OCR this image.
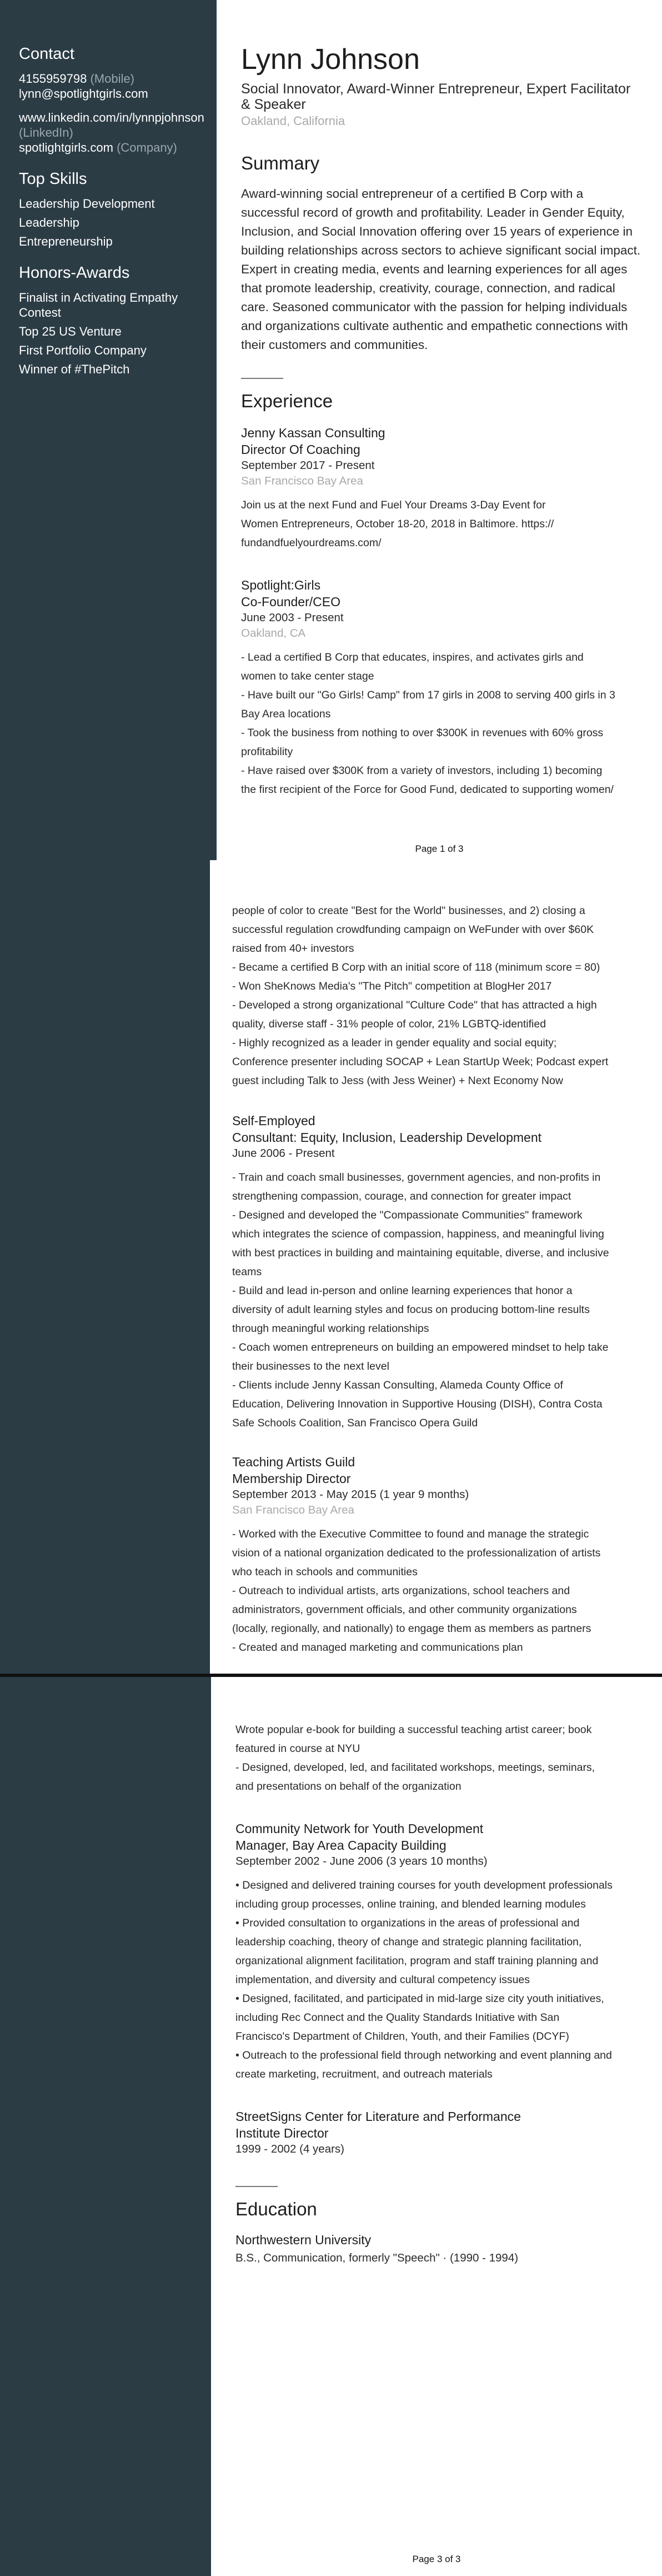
Contact
4155959798 (Mobile)
lynn@spotlightgirls.com
www.linkedin.com/in/lynnpjohnson
(LinkedIn)
spotlightgirls.com (Company)
Top Skills
Leadership Development
Leadership
Entrepreneurship
Honors-Awards
Finalist in Activating Empathy Contest
Top 25 US Venture
First Portfolio Company
Winner of #ThePitch
Lynn Johnson
Social Innovator, Award-Winner Entrepreneur, Expert Facilitator & Speaker
Oakland, California
Summary
Award-winning social entrepreneur of a certified B Corp with a successful record of growth and profitability. Leader in Gender Equity, Inclusion, and Social Innovation offering over 15 years of experience in building relationships across sectors to achieve significant social impact. Expert in creating media, events and learning experiences for all ages that promote leadership, creativity, courage, connection, and radical care. Seasoned communicator with the passion for helping individuals and organizations cultivate authentic and empathetic connections with their customers and communities.
Experience
Jenny Kassan Consulting
Director Of Coaching
September 2017 - Present
San Francisco Bay Area

Join us at the next Fund and Fuel Your Dreams 3-Day Event for

Women Entrepreneurs, October 18-20, 2018 in Baltimore. https://

fundandfuelyourdreams.com/

Spotlight:Girls
Co-Founder/CEO
June 2003 - Present
Oakland, CA

- Lead a certified B Corp that educates, inspires, and activates girls and

women to take center stage

- Have built our "Go Girls! Camp" from 17 girls in 2008 to serving 400 girls in 3

Bay Area locations

- Took the business from nothing to over $300K in revenues with 60% gross

profitability

- Have raised over $300K from a variety of investors, including 1) becoming

the first recipient of the Force for Good Fund, dedicated to supporting women/

Page 1 of 3

people of color to create "Best for the World" businesses, and 2) closing a

successful regulation crowdfunding campaign on WeFunder with over $60K

raised from 40+ investors

- Became a certified B Corp with an initial score of 118 (minimum score = 80)

- Won SheKnows Media's "The Pitch" competition at BlogHer 2017

- Developed a strong organizational "Culture Code" that has attracted a high

quality, diverse staff - 31% people of color, 21% LGBTQ-identified

- Highly recognized as a leader in gender equality and social equity;

Conference presenter including SOCAP + Lean StartUp Week; Podcast expert

guest including Talk to Jess (with Jess Weiner) + Next Economy Now

Self-Employed
Consultant: Equity, Inclusion, Leadership Development
June 2006 - Present

- Train and coach small businesses, government agencies, and non-profits in

strengthening compassion, courage, and connection for greater impact

- Designed and developed the "Compassionate Communities" framework

which integrates the science of compassion, happiness, and meaningful living

with best practices in building and maintaining equitable, diverse, and inclusive

teams

- Build and lead in-person and online learning experiences that honor a

diversity of adult learning styles and focus on producing bottom-line results

through meaningful working relationships

- Coach women entrepreneurs on building an empowered mindset to help take

their businesses to the next level

- Clients include Jenny Kassan Consulting, Alameda County Office of

Education, Delivering Innovation in Supportive Housing (DISH), Contra Costa

Safe Schools Coalition, San Francisco Opera Guild

Teaching Artists Guild
Membership Director
September 2013 - May 2015 (1 year 9 months)
San Francisco Bay Area

- Worked with the Executive Committee to found and manage the strategic

vision of a national organization dedicated to the professionalization of artists

who teach in schools and communities

- Outreach to individual artists, arts organizations, school teachers and

administrators, government officials, and other community organizations

(locally, regionally, and nationally) to engage them as members as partners

- Created and managed marketing and communications plan

Wrote popular e-book for building a successful teaching artist career; book

featured in course at NYU

- Designed, developed, led, and facilitated workshops, meetings, seminars,

and presentations on behalf of the organization

Community Network for Youth Development
Manager, Bay Area Capacity Building
September 2002 - June 2006 (3 years 10 months)

• Designed and delivered training courses for youth development professionals

including group processes, online training, and blended learning modules

• Provided consultation to organizations in the areas of professional and

leadership coaching, theory of change and strategic planning facilitation,

organizational alignment facilitation, program and staff training planning and

implementation, and diversity and cultural competency issues

• Designed, facilitated, and participated in mid-large size city youth initiatives,

including Rec Connect and the Quality Standards Initiative with San

Francisco's Department of Children, Youth, and their Families (DCYF)

• Outreach to the professional field through networking and event planning and

create marketing, recruitment, and outreach materials

StreetSigns Center for Literature and Performance
Institute Director
1999 - 2002 (4 years)
Education
Northwestern University
B.S., Communication, formerly "Speech" · (1990 - 1994)
Page 3 of 3
